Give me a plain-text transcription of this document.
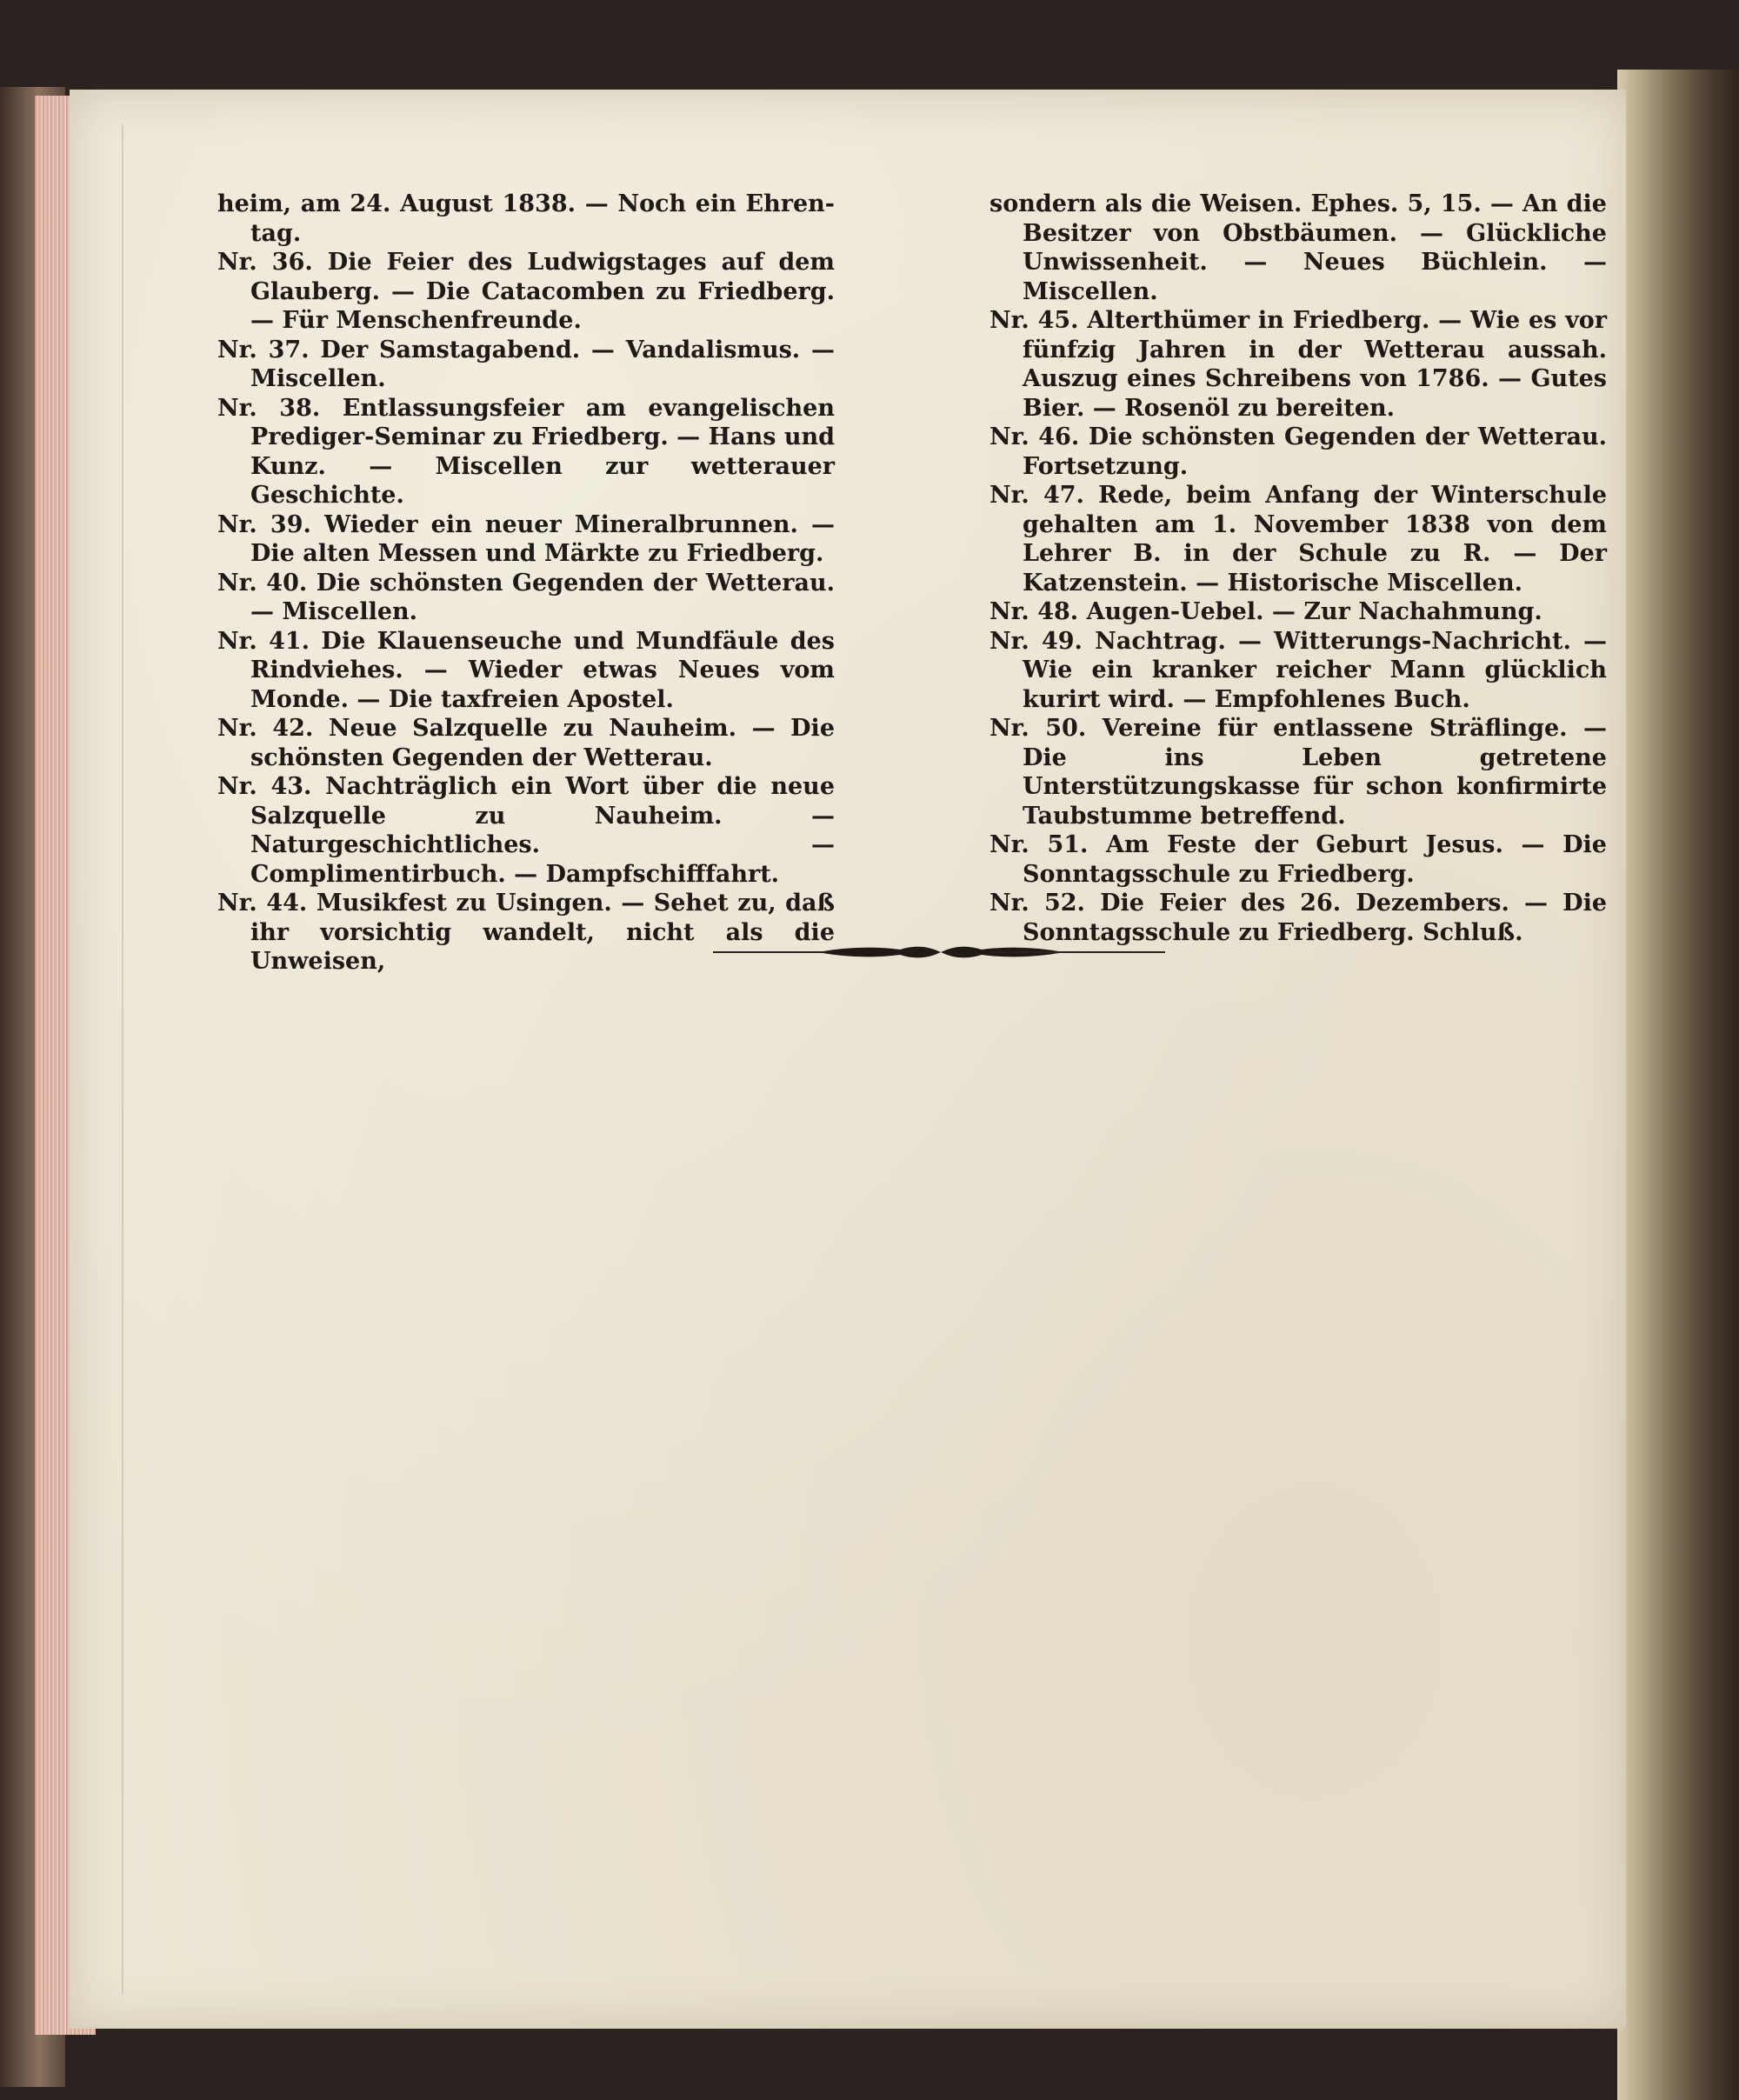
heim, am 24. August 1838. — Noch ein Ehren-tag.

Nr. 36. Die Feier des Ludwigstages auf dem Glauberg. — Die Catacomben zu Friedberg. — Für Menschenfreunde.

Nr. 37. Der Samstagabend. — Vandalismus. — Miscellen.

Nr. 38. Entlassungsfeier am evangelischen Prediger-Seminar zu Friedberg. — Hans und Kunz. — Miscellen zur wetterauer Geschichte.

Nr. 39. Wieder ein neuer Mineralbrunnen. — Die alten Messen und Märkte zu Friedberg.

Nr. 40. Die schönsten Gegenden der Wetterau. — Miscellen.

Nr. 41. Die Klauenseuche und Mundfäule des Rindviehes. — Wieder etwas Neues vom Monde. — Die taxfreien Apostel.

Nr. 42. Neue Salzquelle zu Nauheim. — Die schönsten Gegenden der Wetterau.

Nr. 43. Nachträglich ein Wort über die neue Salzquelle zu Nauheim. — Naturgeschichtliches. — Complimentirbuch. — Dampfschifffahrt.

Nr. 44. Musikfest zu Usingen. — Sehet zu, daß ihr vorsichtig wandelt, nicht als die Unweisen,

sondern als die Weisen. Ephes. 5, 15. — An die Besitzer von Obstbäumen. — Glückliche Unwissenheit. — Neues Büchlein. — Miscellen.

Nr. 45. Alterthümer in Friedberg. — Wie es vor fünfzig Jahren in der Wetterau aussah. Auszug eines Schreibens von 1786. — Gutes Bier. — Rosenöl zu bereiten.

Nr. 46. Die schönsten Gegenden der Wetterau. Fortsetzung.

Nr. 47. Rede, beim Anfang der Winterschule gehalten am 1. November 1838 von dem Lehrer B. in der Schule zu R. — Der Katzenstein. — Historische Miscellen.

Nr. 48. Augen-Uebel. — Zur Nachahmung.

Nr. 49. Nachtrag. — Witterungs-Nachricht. — Wie ein kranker reicher Mann glücklich kurirt wird. — Empfohlenes Buch.

Nr. 50. Vereine für entlassene Sträflinge. — Die ins Leben getretene Unterstützungskasse für schon konfirmirte Taubstumme betreffend.

Nr. 51. Am Feste der Geburt Jesus. — Die Sonntagsschule zu Friedberg.

Nr. 52. Die Feier des 26. Dezembers. — Die Sonntagsschule zu Friedberg. Schluß.
